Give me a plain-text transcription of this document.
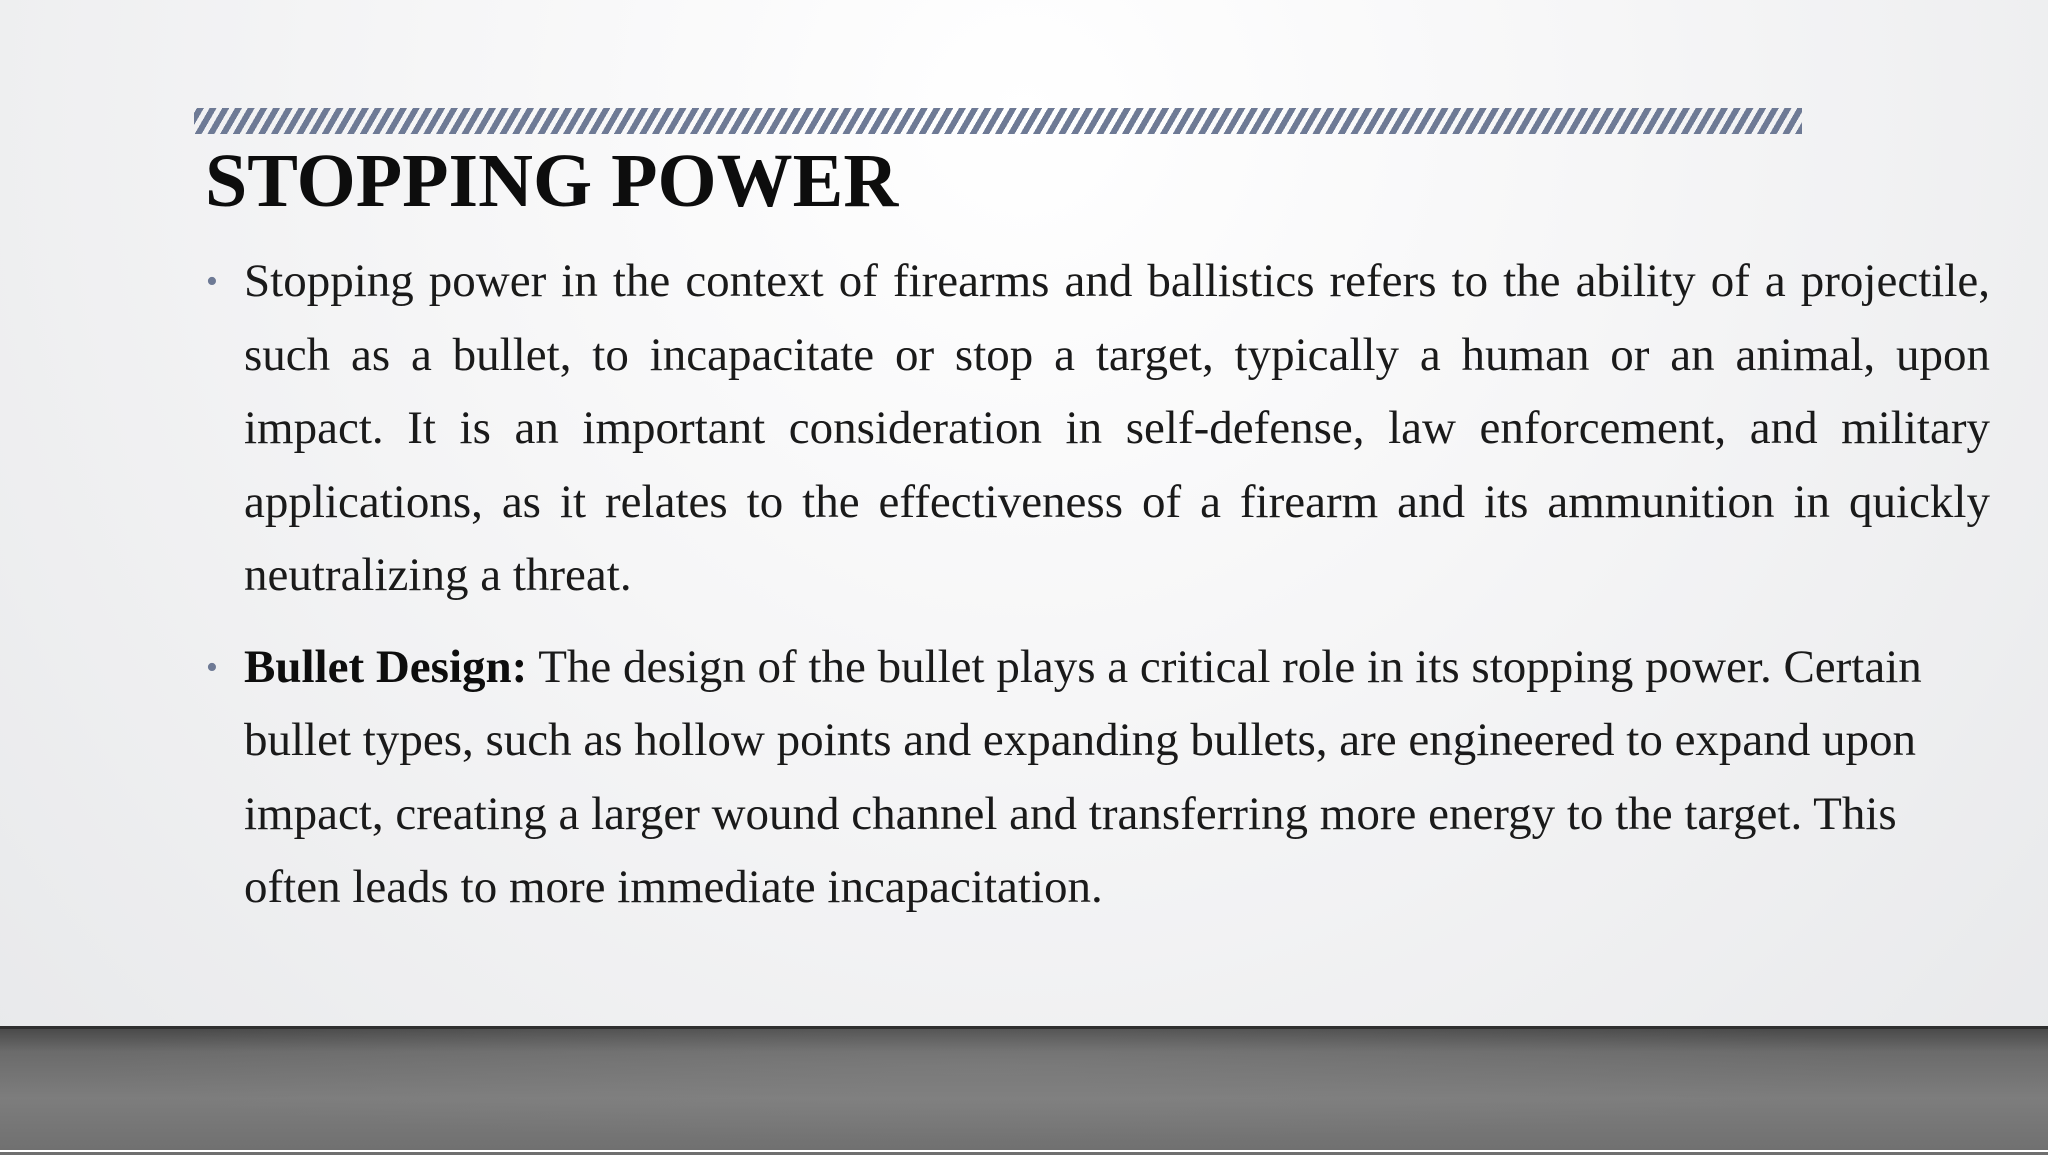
STOPPING POWER
• Stopping power in the context of firearms and ballistics refers to the ability of a projectile, such as a bullet, to incapacitate or stop a target, typically a human or an animal, upon impact. It is an important consideration in self-defense, law enforcement, and military applications, as it relates to the effectiveness of a firearm and its ammunition in quickly neutralizing a threat.
• Bullet Design: The design of the bullet plays a critical role in its stopping power. Certain bullet types, such as hollow points and expanding bullets, are engineered to expand upon impact, creating a larger wound channel and transferring more energy to the target. This often leads to more immediate incapacitation.
